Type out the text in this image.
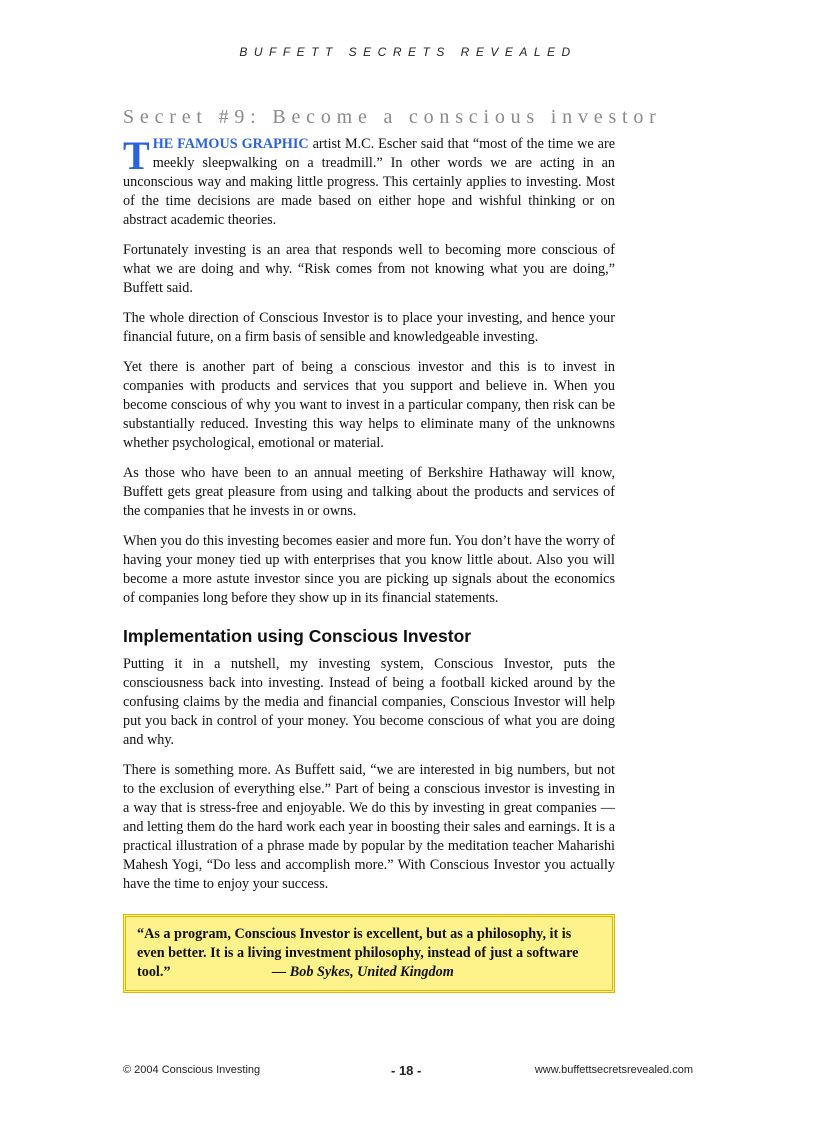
BUFFETT SECRETS REVEALED
Secret #9: Become a conscious investor

THE FAMOUS GRAPHIC artist M.C. Escher said that “most of the time we are meekly sleepwalking on a treadmill.” In other words we are acting in an unconscious way and making little progress. This certainly applies to investing. Most of the time decisions are made based on either hope and wishful thinking or on abstract academic theories.

Fortunately investing is an area that responds well to becoming more conscious of what we are doing and why. “Risk comes from not knowing what you are doing,” Buffett said.

The whole direction of Conscious Investor is to place your investing, and hence your financial future, on a firm basis of sensible and knowledgeable investing.

Yet there is another part of being a conscious investor and this is to invest in companies with products and services that you support and believe in. When you become conscious of why you want to invest in a particular company, then risk can be substantially reduced. Investing this way helps to eliminate many of the unknowns whether psychological, emotional or material.

As those who have been to an annual meeting of Berkshire Hathaway will know, Buffett gets great pleasure from using and talking about the products and services of the companies that he invests in or owns.

When you do this investing becomes easier and more fun. You don’t have the worry of having your money tied up with enterprises that you know little about. Also you will become a more astute investor since you are picking up signals about the economics of companies long before they show up in its financial statements.

Implementation using Conscious Investor

Putting it in a nutshell, my investing system, Conscious Investor, puts the consciousness back into investing. Instead of being a football kicked around by the confusing claims by the media and financial companies, Conscious Investor will help put you back in control of your money. You become conscious of what you are doing and why.

There is something more. As Buffett said, “we are interested in big numbers, but not to the exclusion of everything else.” Part of being a conscious investor is investing in a way that is stress-free and enjoyable. We do this by investing in great companies — and letting them do the hard work each year in boosting their sales and earnings. It is a practical illustration of a phrase made by popular by the meditation teacher Maharishi Mahesh Yogi, “Do less and accomplish more.” With Conscious Investor you actually have the time to enjoy your success.

“As a program, Conscious Investor is excellent, but as a philosophy, it is even better. It is a living investment philosophy, instead of just a software tool.”	— Bob Sykes, United Kingdom
© 2004 Conscious Investing	- 18 -	www.buffettsecretsrevealed.com
